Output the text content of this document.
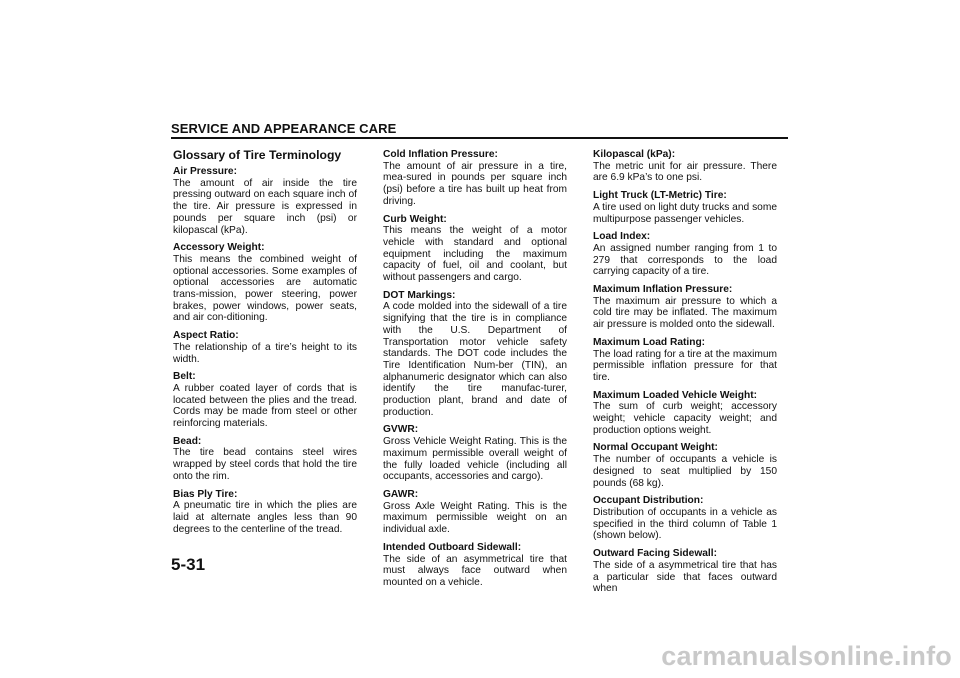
SERVICE AND APPEARANCE CARE
Glossary of Tire Terminology
Air Pressure:
The amount of air inside the tire pressing outward on each square inch of the tire. Air pressure is expressed in pounds per square inch (psi) or kilopascal (kPa).
Accessory Weight:
This means the combined weight of optional accessories. Some examples of optional accessories are automatic trans-mission, power steering, power brakes, power windows, power seats, and air con-ditioning.
Aspect Ratio:
The relationship of a tire’s height to its width.
Belt:
A rubber coated layer of cords that is located between the plies and the tread. Cords may be made from steel or other reinforcing materials.
Bead:
The tire bead contains steel wires wrapped by steel cords that hold the tire onto the rim.
Bias Ply Tire:
A pneumatic tire in which the plies are laid at alternate angles less than 90 degrees to the centerline of the tread.
Cold Inflation Pressure:
The amount of air pressure in a tire, mea-sured in pounds per square inch (psi) before a tire has built up heat from driving.
Curb Weight:
This means the weight of a motor vehicle with standard and optional equipment including the maximum capacity of fuel, oil and coolant, but without passengers and cargo.
DOT Markings:
A code molded into the sidewall of a tire signifying that the tire is in compliance with the U.S. Department of Transportation motor vehicle safety standards. The DOT code includes the Tire Identification Num-ber (TIN), an alphanumeric designator which can also identify the tire manufac-turer, production plant, brand and date of production.
GVWR:
Gross Vehicle Weight Rating. This is the maximum permissible overall weight of the fully loaded vehicle (including all occupants, accessories and cargo).
GAWR:
Gross Axle Weight Rating. This is the maximum permissible weight on an individual axle.
Intended Outboard Sidewall:
The side of an asymmetrical tire that must always face outward when mounted on a vehicle.
Kilopascal (kPa):
The metric unit for air pressure. There are 6.9 kPa’s to one psi.
Light Truck (LT-Metric) Tire:
A tire used on light duty trucks and some multipurpose passenger vehicles.
Load Index:
An assigned number ranging from 1 to 279 that corresponds to the load carrying capacity of a tire.
Maximum Inflation Pressure:
The maximum air pressure to which a cold tire may be inflated. The maximum air pressure is molded onto the sidewall.
Maximum Load Rating:
The load rating for a tire at the maximum permissible inflation pressure for that tire.
Maximum Loaded Vehicle Weight:
The sum of curb weight; accessory weight; vehicle capacity weight; and production options weight.
Normal Occupant Weight:
The number of occupants a vehicle is designed to seat multiplied by 150 pounds (68 kg).
Occupant Distribution:
Distribution of occupants in a vehicle as specified in the third column of Table 1 (shown below).
Outward Facing Sidewall:
The side of a asymmetrical tire that has a particular side that faces outward when
5-31
carmanualsonline.info
